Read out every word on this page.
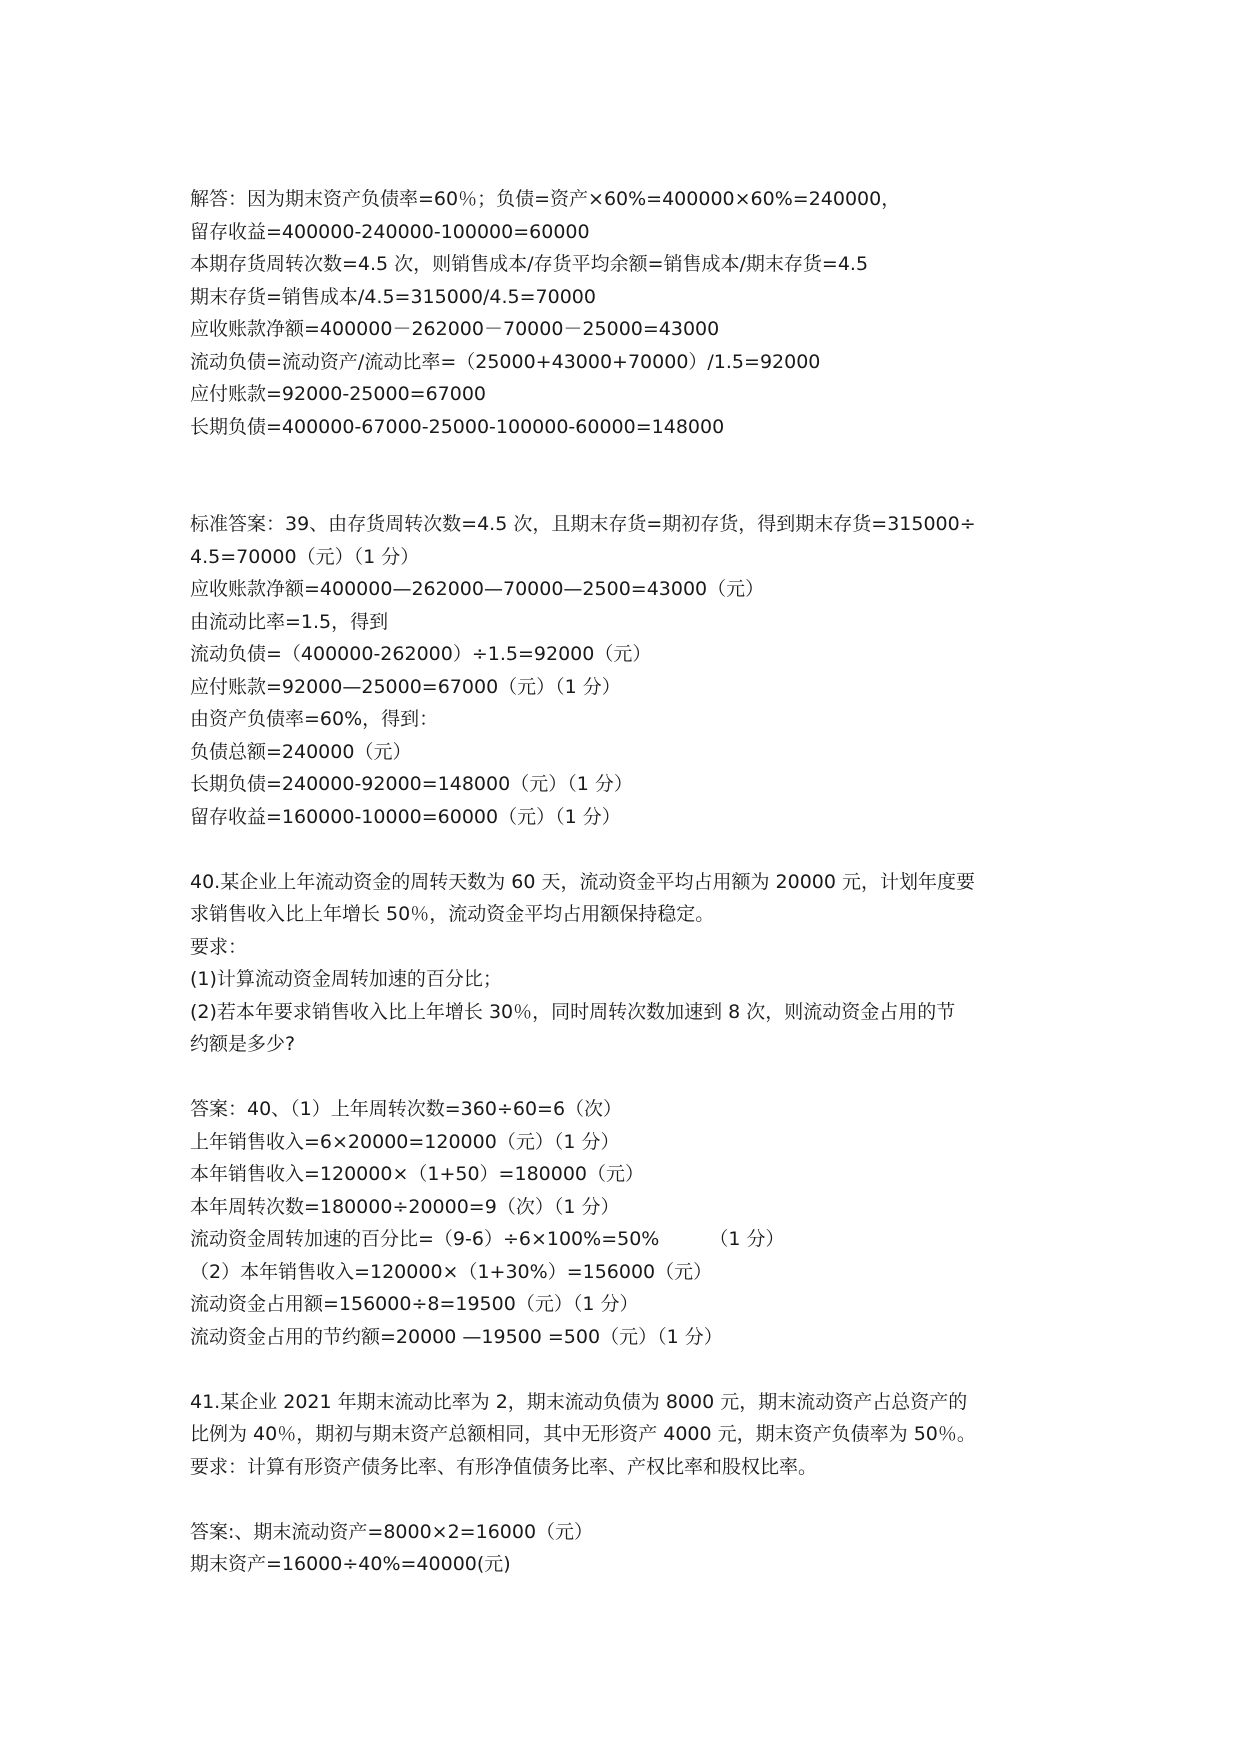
解答：因为期末资产负债率=60％；负债=资产×60%=400000×60%=240000，
留存收益=400000-240000-100000=60000
本期存货周转次数=4.5 次，则销售成本/存货平均余额=销售成本/期末存货=4.5
期末存货=销售成本/4.5=315000/4.5=70000
应收账款净额=400000－262000－70000－25000=43000
流动负债=流动资产/流动比率=（25000+43000+70000）/1.5=92000
应付账款=92000-25000=67000
长期负债=400000-67000-25000-100000-60000=148000
标准答案：39、由存货周转次数=4.5 次，且期末存货=期初存货，得到期末存货=315000÷
4.5=70000（元）（1 分）
应收账款净额=400000—262000—70000—2500=43000（元）
由流动比率=1.5，得到
流动负债=（400000-262000）÷1.5=92000（元）
应付账款=92000—25000=67000（元）（1 分）
由资产负债率=60%，得到：
负债总额=240000（元）
长期负债=240000-92000=148000（元）（1 分）
留存收益=160000-10000=60000（元）（1 分）
40.某企业上年流动资金的周转天数为 60 天，流动资金平均占用额为 20000 元，计划年度要
求销售收入比上年增长 50％，流动资金平均占用额保持稳定。
要求：
(1)计算流动资金周转加速的百分比；
(2)若本年要求销售收入比上年增长 30％，同时周转次数加速到 8 次，则流动资金占用的节
约额是多少?
答案：40、（1）上年周转次数=360÷60=6（次）
上年销售收入=6×20000=120000（元）（1 分）
本年销售收入=120000×（1+50）=180000（元）
本年周转次数=180000÷20000=9（次）（1 分）
流动资金周转加速的百分比=（9-6）÷6×100%=50%	（1 分）
（2）本年销售收入=120000×（1+30%）=156000（元）
流动资金占用额=156000÷8=19500（元）（1 分）
流动资金占用的节约额=20000 —19500 =500（元）（1 分）
41.某企业 2021 年期末流动比率为 2，期末流动负债为 8000 元，期末流动资产占总资产的
比例为 40％，期初与期末资产总额相同，其中无形资产 4000 元，期末资产负债率为 50％。
要求：计算有形资产债务比率、有形净值债务比率、产权比率和股权比率。
答案:、期末流动资产=8000×2=16000（元）
期末资产=16000÷40%=40000(元)
